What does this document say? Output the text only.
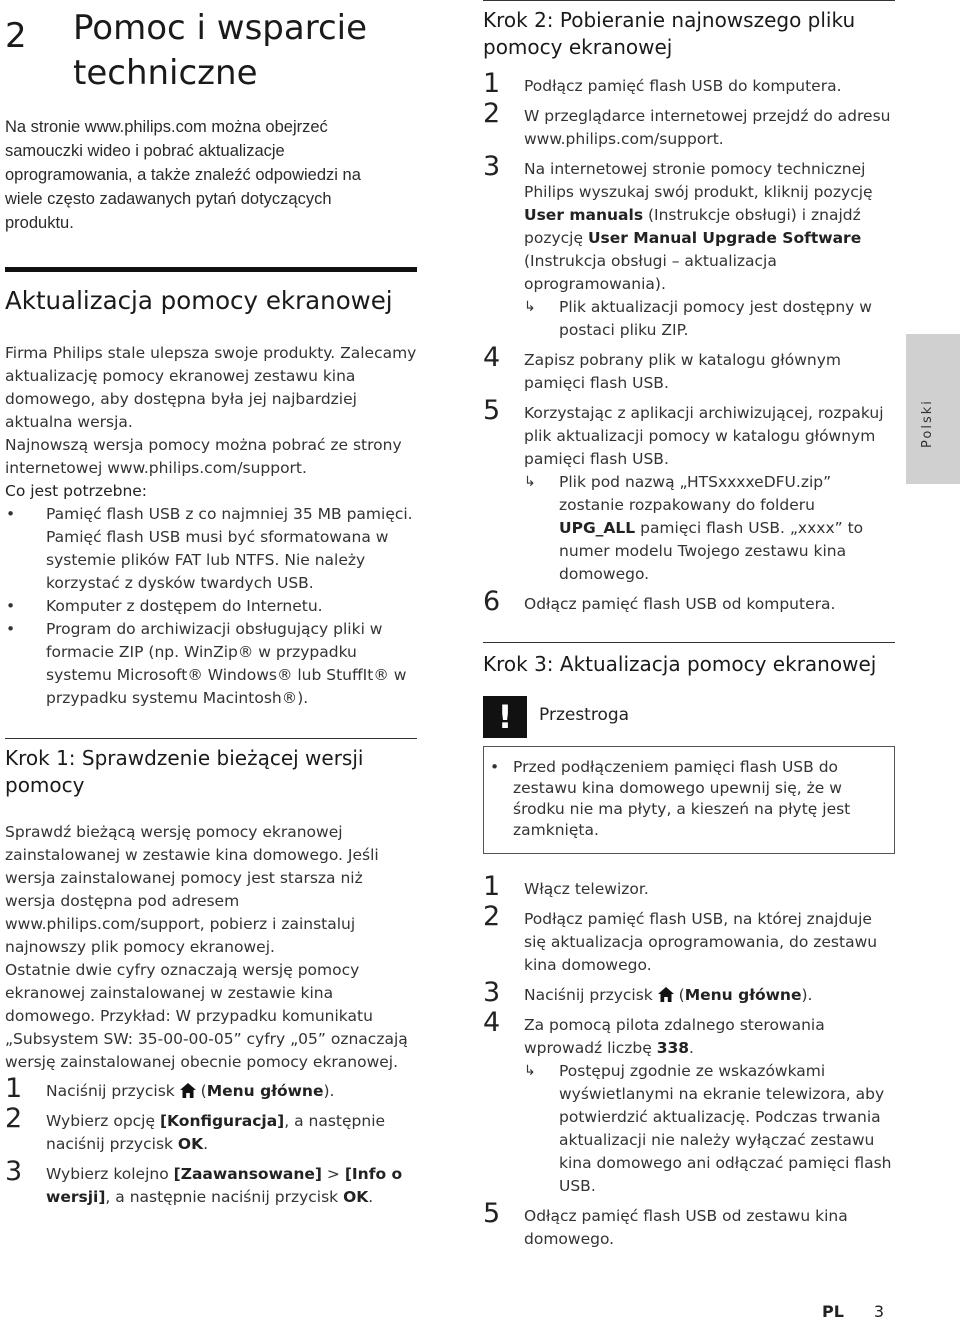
2 Pomoc i wsparcie techniczne

Na stronie www.philips.com można obejrzeć samouczki wideo i pobrać aktualizacje oprogramowania, a także znaleźć odpowiedzi na wiele często zadawanych pytań dotyczących produktu.

Aktualizacja pomocy ekranowej

Firma Philips stale ulepsza swoje produkty. Zalecamy aktualizację pomocy ekranowej zestawu kina domowego, aby dostępna była jej najbardziej aktualna wersja.

Najnowszą wersja pomocy można pobrać ze strony internetowej www.philips.com/support.

Co jest potrzebne:

• Pamięć flash USB z co najmniej 35 MB pamięci. Pamięć flash USB musi być sformatowana w systemie plików FAT lub NTFS. Nie należy korzystać z dysków twardych USB.
• Komputer z dostępem do Internetu.
• Program do archiwizacji obsługujący pliki w formacie ZIP (np. WinZip® w przypadku systemu Microsoft® Windows® lub StuffIt® w przypadku systemu Macintosh®).
Krok 1: Sprawdzenie bieżącej wersji pomocy

Sprawdź bieżącą wersję pomocy ekranowej zainstalowanej w zestawie kina domowego. Jeśli wersja zainstalowanej pomocy jest starsza niż wersja dostępna pod adresem www.philips.com/support, pobierz i zainstaluj najnowszy plik pomocy ekranowej.

Ostatnie dwie cyfry oznaczają wersję pomocy ekranowej zainstalowanej w zestawie kina domowego. Przykład: W przypadku komunikatu „Subsystem SW: 35-00-00-05” cyfry „05” oznaczają wersję zainstalowanej obecnie pomocy ekranowej.

1 Naciśnij przycisk (Menu główne).
2 Wybierz opcję [Konfiguracja], a następnie naciśnij przycisk OK.
3 Wybierz kolejno [Zaawansowane] > [Info o wersji], a następnie naciśnij przycisk OK.
Krok 2: Pobieranie najnowszego pliku pomocy ekranowej
1 Podłącz pamięć flash USB do komputera.
2 W przeglądarce internetowej przejdź do adresu www.philips.com/support.
3 Na internetowej stronie pomocy technicznej Philips wyszukaj swój produkt, kliknij pozycję User manuals (Instrukcje obsługi) i znajdź pozycję User Manual Upgrade Software (Instrukcja obsługi – aktualizacja oprogramowania).
↳ Plik aktualizacji pomocy jest dostępny w postaci pliku ZIP.
4 Zapisz pobrany plik w katalogu głównym pamięci flash USB.
5 Korzystając z aplikacji archiwizującej, rozpakuj plik aktualizacji pomocy w katalogu głównym pamięci flash USB.
↳ Plik pod nazwą „HTSxxxxeDFU.zip” zostanie rozpakowany do folderu UPG_ALL pamięci flash USB. „xxxx” to numer modelu Twojego zestawu kina domowego.
6 Odłącz pamięć flash USB od komputera.
Krok 3: Aktualizacja pomocy ekranowej
!	Przestroga
• Przed podłączeniem pamięci flash USB do zestawu kina domowego upewnij się, że w środku nie ma płyty, a kieszeń na płytę jest zamknięta.
1 Włącz telewizor.
2 Podłącz pamięć flash USB, na której znajduje się aktualizacja oprogramowania, do zestawu kina domowego.
3 Naciśnij przycisk (Menu główne).
4 Za pomocą pilota zdalnego sterowania wprowadź liczbę 338.
↳ Postępuj zgodnie ze wskazówkami wyświetlanymi na ekranie telewizora, aby potwierdzić aktualizację. Podczas trwania aktualizacji nie należy wyłączać zestawu kina domowego ani odłączać pamięci flash USB.
5 Odłącz pamięć flash USB od zestawu kina domowego.
Polski
PL 3
